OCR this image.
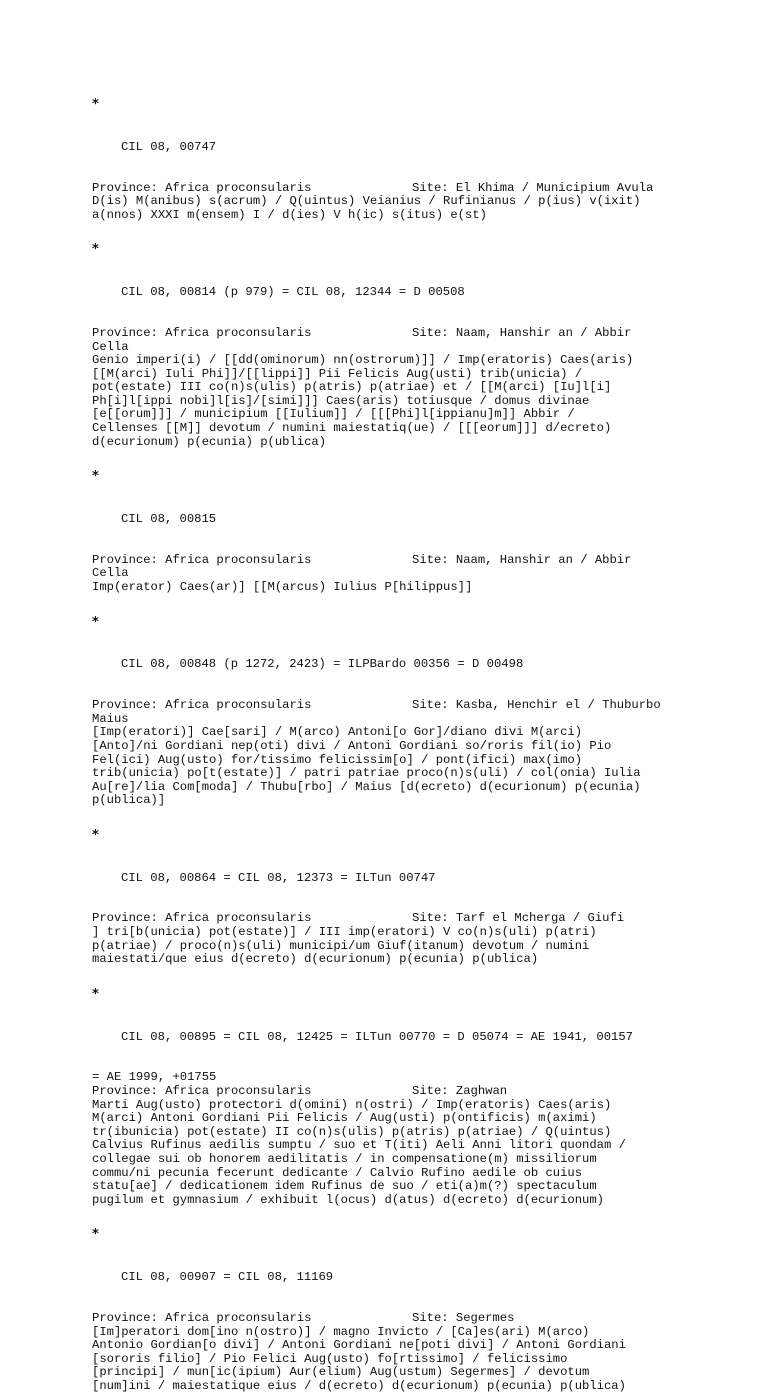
*

CIL 08, 00747

Province: Africa proconsularis	Site: El Khima / Municipium Avula
D(is) M(anibus) s(acrum) / Q(uintus) Veianius / Rufinianus / p(ius) v(ixit)
a(nnos) XXXI m(ensem) I / d(ies) V h(ic) s(itus) e(st)

*

CIL 08, 00814 (p 979) = CIL 08, 12344 = D 00508

Province: Africa proconsularis	Site: Naam, Hanshir an / Abbir
Cella
Genio imperi(i) / [[dd(ominorum) nn(ostrorum)]] / Imp(eratoris) Caes(aris)
[[M(arci) Iuli Phi]]/[[lippi]] Pii Felicis Aug(usti) trib(unicia) /
pot(estate) III co(n)s(ulis) p(atris) p(atriae) et / [[M(arci) [Iu]l[i]
Ph[i]l[ippi nobi]l[is]/[simi]]] Caes(aris) totiusque / domus divinae
[e[[orum]]] / municipium [[Iulium]] / [[[Phi]l[ippianu]m]] Abbir /
Cellenses [[M]] devotum / numini maiestatiq(ue) / [[[eorum]]] d/ecreto)
d(ecurionum) p(ecunia) p(ublica)

*

CIL 08, 00815

Province: Africa proconsularis	Site: Naam, Hanshir an / Abbir
Cella
Imp(erator) Caes(ar)] [[M(arcus) Iulius P[hilippus]]

*

CIL 08, 00848 (p 1272, 2423) = ILPBardo 00356 = D 00498

Province: Africa proconsularis	Site: Kasba, Henchir el / Thuburbo
Maius
[Imp(eratori)] Cae[sari] / M(arco) Antoni[o Gor]/diano divi M(arci)
[Anto]/ni Gordiani nep(oti) divi / Antoni Gordiani so/roris fil(io) Pio
Fel(ici) Aug(usto) for/tissimo felicissim[o] / pont(ifici) max(imo)
trib(unicia) po[t(estate)] / patri patriae proco(n)s(uli) / col(onia) Iulia
Au[re]/lia Com[moda] / Thubu[rbo] / Maius [d(ecreto) d(ecurionum) p(ecunia)
p(ublica)]

*

CIL 08, 00864 = CIL 08, 12373 = ILTun 00747

Province: Africa proconsularis	Site: Tarf el Mcherga / Giufi
] tri[b(unicia) pot(estate)] / III imp(eratori) V co(n)s(uli) p(atri)
p(atriae) / proco(n)s(uli) municipi/um Giuf(itanum) devotum / numini
maiestati/que eius d(ecreto) d(ecurionum) p(ecunia) p(ublica)

*

CIL 08, 00895 = CIL 08, 12425 = ILTun 00770 = D 05074 = AE 1941, 00157

= AE 1999, +01755
Province: Africa proconsularis	Site: Zaghwan
Marti Aug(usto) protectori d(omini) n(ostri) / Imp(eratoris) Caes(aris)
M(arci) Antoni Gordiani Pii Felicis / Aug(usti) p(ontificis) m(aximi)
tr(ibunicia) pot(estate) II co(n)s(ulis) p(atris) p(atriae) / Q(uintus)
Calvius Rufinus aedilis sumptu / suo et T(iti) Aeli Anni litori quondam /
collegae sui ob honorem aedilitatis / in compensatione(m) missiliorum
commu/ni pecunia fecerunt dedicante / Calvio Rufino aedile ob cuius
statu[ae] / dedicationem idem Rufinus de suo / eti(a)m(?) spectaculum
pugilum et gymnasium / exhibuit l(ocus) d(atus) d(ecreto) d(ecurionum)

*

CIL 08, 00907 = CIL 08, 11169

Province: Africa proconsularis	Site: Segermes
[Im]peratori dom[ino n(ostro)] / magno Invicto / [Ca]es(ari) M(arco)
Antonio Gordian[o divi] / Antoni Gordiani ne[poti divi] / Antoni Gordiani
[sororis filio] / Pio Felici Aug(usto) fo[rtissimo] / felicissimo
[principi] / mun[ic(ipium) Aur(elium) Aug(ustum) Segermes] / devotum
[num]ini / maiestatique eius / d(ecreto) d(ecurionum) p(ecunia) p(ublica)
